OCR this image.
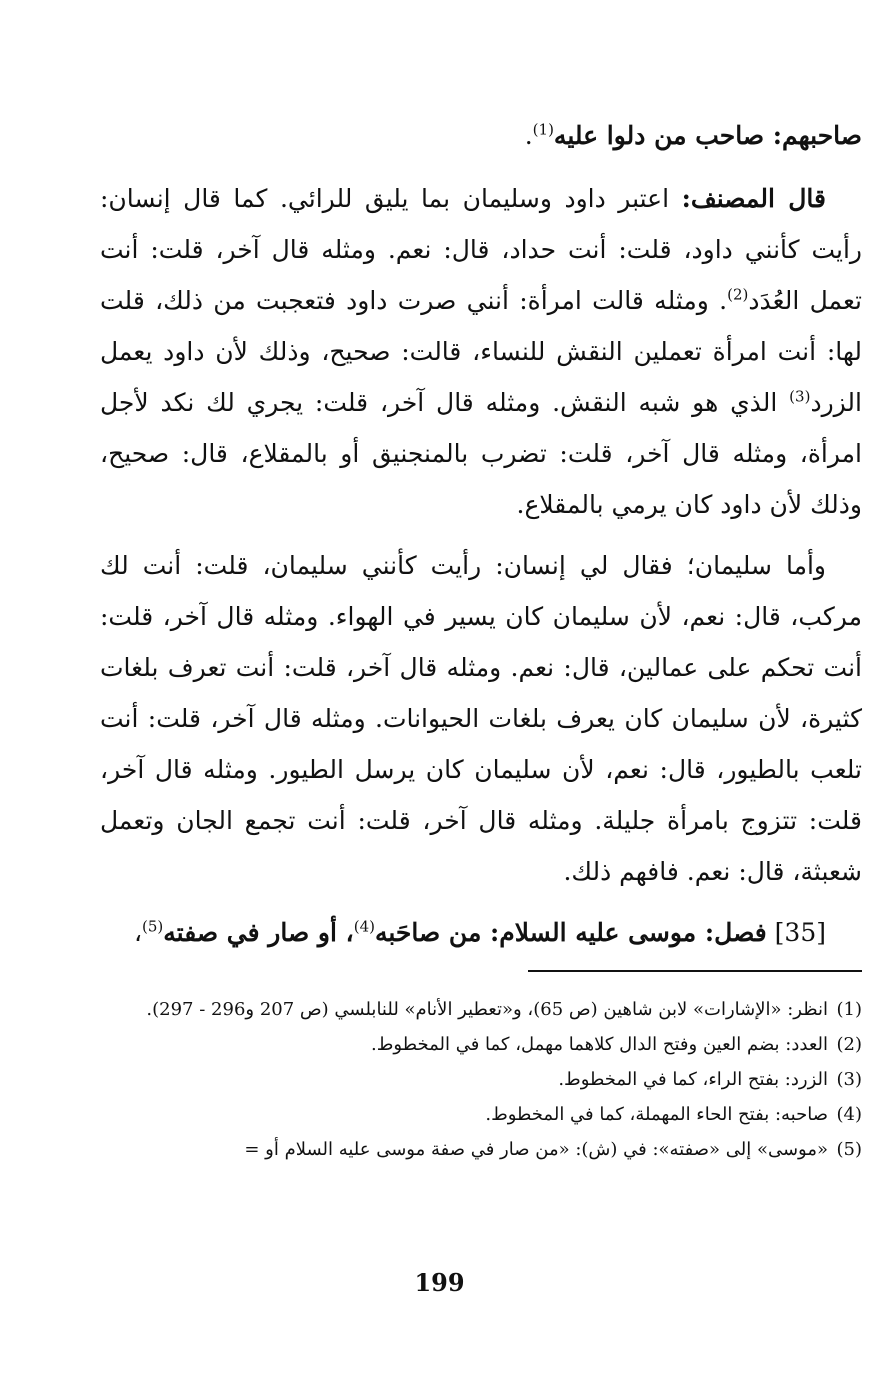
صاحبهم: صاحب من دلوا عليه$^{(1)}$.

قال المصنف: اعتبر داود وسليمان بما يليق للرائي. كما قال إنسان: رأيت كأنني داود، قلت: أنت حداد، قال: نعم. ومثله قال آخر، قلت: أنت تعمل العُدَد$^{(2)}$. ومثله قالت امرأة: أنني صرت داود فتعجبت من ذلك، قلت لها: أنت امرأة تعملين النقش للنساء، قالت: صحيح، وذلك لأن داود يعمل الزرد$^{(3)}$ الذي هو شبه النقش. ومثله قال آخر، قلت: يجري لك نكد لأجل امرأة، ومثله قال آخر، قلت: تضرب بالمنجنيق أو بالمقلاع، قال: صحيح، وذلك لأن داود كان يرمي بالمقلاع.

وأما سليمان؛ فقال لي إنسان: رأيت كأنني سليمان، قلت: أنت لك مركب، قال: نعم، لأن سليمان كان يسير في الهواء. ومثله قال آخر، قلت: أنت تحكم على عمالين، قال: نعم. ومثله قال آخر، قلت: أنت تعرف بلغات كثيرة، لأن سليمان كان يعرف بلغات الحيوانات. ومثله قال آخر، قلت: أنت تلعب بالطيور، قال: نعم، لأن سليمان كان يرسل الطيور. ومثله قال آخر، قلت: تتزوج بامرأة جليلة. ومثله قال آخر، قلت: أنت تجمع الجان وتعمل شعبثة، قال: نعم. فافهم ذلك.

[35] فصل: موسى عليه السلام: من صاحَبه$^{(4)}$، أو صار في صفته$^{(5)}$،

(1)
انظر: «الإشارات» لابن شاهين (ص 65)، و«تعطير الأنام» للنابلسي (ص 207 و296 - 297).
(2)
العدد: بضم العين وفتح الدال كلاهما مهمل، كما في المخطوط.
(3)
الزرد: بفتح الراء، كما في المخطوط.
(4)
صاحبه: بفتح الحاء المهملة، كما في المخطوط.
(5)
«موسى» إلى «صفته»: في (ش): «من صار في صفة موسى عليه السلام أو =
199
